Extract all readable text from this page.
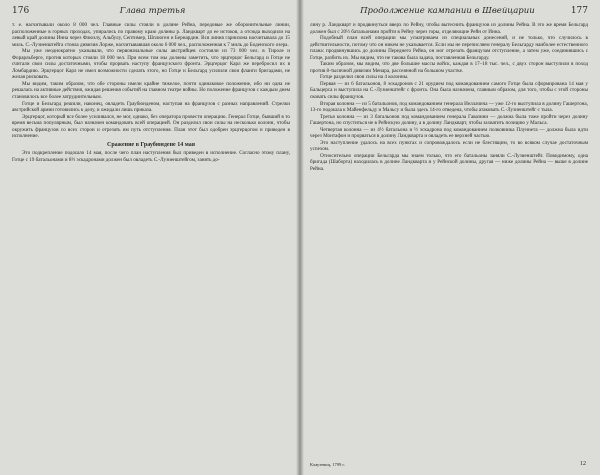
176	Глава третья

т. е. насчитывали около 8 000 чел. Главные силы стояли в долине Рейна, передовые же оборонительные линии, расположенные в горных проходах, упирались по правому краю долины р. Ландкварт до ее истоков, а отсюда выходили на левый край долины Инна через Флюэлу, Альбулу, Септимер, Шплюген и Бернардин. Вся линия гарнизона насчитывала до 15 миль. С.-Лузиенштейга стояла дивизия Лорже, насчитывавшая около 6 000 чел., расположенная к 7 миль до Боденского озера.

Мы уже неоднократно указывали, что первоначальные силы австрийцев состояли из 73 000 чел. в Тироле и Форарльберге, против которых стояли 18 000 чел. При всем том мы должны заметить, что эрцгерцог Бельгард и Готце не считали свои силы достаточными, чтобы прорвать наступу французского фронта. Эрцгерцог Карл же перебросил их в Ломбардию. Эрцгерцог Карл не имел возможности сделать этого, но Готце и Бельгард усилили свои фланги бригадами, не желая рисковать.

Мы видим, таким образом, что обе стороны имели крайне тяжелое, почти одинаковое положение, ибо ни одна не решалась на активные действия, ожидая решения событий на главном театре войны. Но положение французов с каждым днем становилось все более затруднительным.

Готце и Бельгард решили, наконец, овладеть Граубюнденом, наступая на французов с разных направлений. Стрелки австрийской армии готовились к делу, и ожидали лишь приказа.

Эрцгерцог, который все более усиливался, не мог, однако, без оператора провести операцию. Генерал Готце, бывший в то время весьма популярным, был назначен командовать всей операцией. Он разделил свои силы на несколько колонн, чтобы окружить французов со всех сторон и отрезать им путь отступления. План этот был одобрен эрцгерцогом и приведен в исполнение.

Сражение в Граубюндене 14 мая

Это подкрепление подошло 14 мая, после чего план наступления был приведен в исполнение. Согласно этому плану, Готце с 19 батальонами и 8½ эскадронами должен был овладеть С.-Лузиенштейгом, занять до-

Продолжение кампании в Швейцарии	177

лину р. Ландкварт и продвинуться вверх по Рейну, чтобы вытеснить французов из долины Рейна. В это же время Бельгард должен был с 20½ батальонами пройти в Рейну через горы, отделяющие Рейн от Инна.

Подобный план всей операции мы усматриваем из специальных донесений, и не только, что случилось в действительности, потому что он никем не указывается. Если мы не перечисляем генералу Бельгарду наиболее естественного плана: продвинувшись до долины Переднего Рейна, он мог отрезать французам отступление, а затем уже, соединившись с Готце, разбить их. Мы видим, что не такова была задача, поставленная Бельгарду.

Таким образом, мы видим, что две большие массы войск, каждая в 17–18 тыс. чел., с двух сторон выступили в поход против 8-тысячной дивизии Менара, рассеянной на большом участке.

Готце разделил свои силы на 4 колонны.

Первая — из 6 батальонов, 8 эскадронов с 21 орудием под командованием самого Готце была сформирована 14 мая у Бальцерса и выступила на С.-Лузиенштейг с фронта. Она была назначена, главным образом, для того, чтобы с этой стороны сковать силы французов.

Вторая колонна — из 5 батальонов, под командованием генерала Иеллачича — уже 12-го выступила в долину Гашертона, 13-го подошла к Майенфельду и Мальсу и была здесь 14-го отведена, чтобы атаковать С.-Лузиенштейг с тыла.

Третья колонна — из 3 батальонов под командованием генерала Гавазини — должна была тоже пройти через долину Гашертона, но спуститься не в Рейнскую долину, а в долину Ландкварт, чтобы захватить позицию у Мальса.

Четвертая колонна — из 4½ батальона и ½ эскадрона под командованием полковника Плуннета — должна была идти через Монтафон и прорваться в долину Ландкварта и овладеть ее верхней частью.

Это наступление удалось на всех пунктах и сопровождалось если не блестящим, то во всяком случае достаточным успехом.

Относительно операции Бельгарда мы знаем только, что его батальоны заняли С.-Лузиенштейг. Повидимому, одна бригада (Шаборта) находилась в долине Ландкварта и у Рейнской долины, другая — ниже долины Рейна — выше в долине Рейна.

Клаузевиц, 1799 г.	12
